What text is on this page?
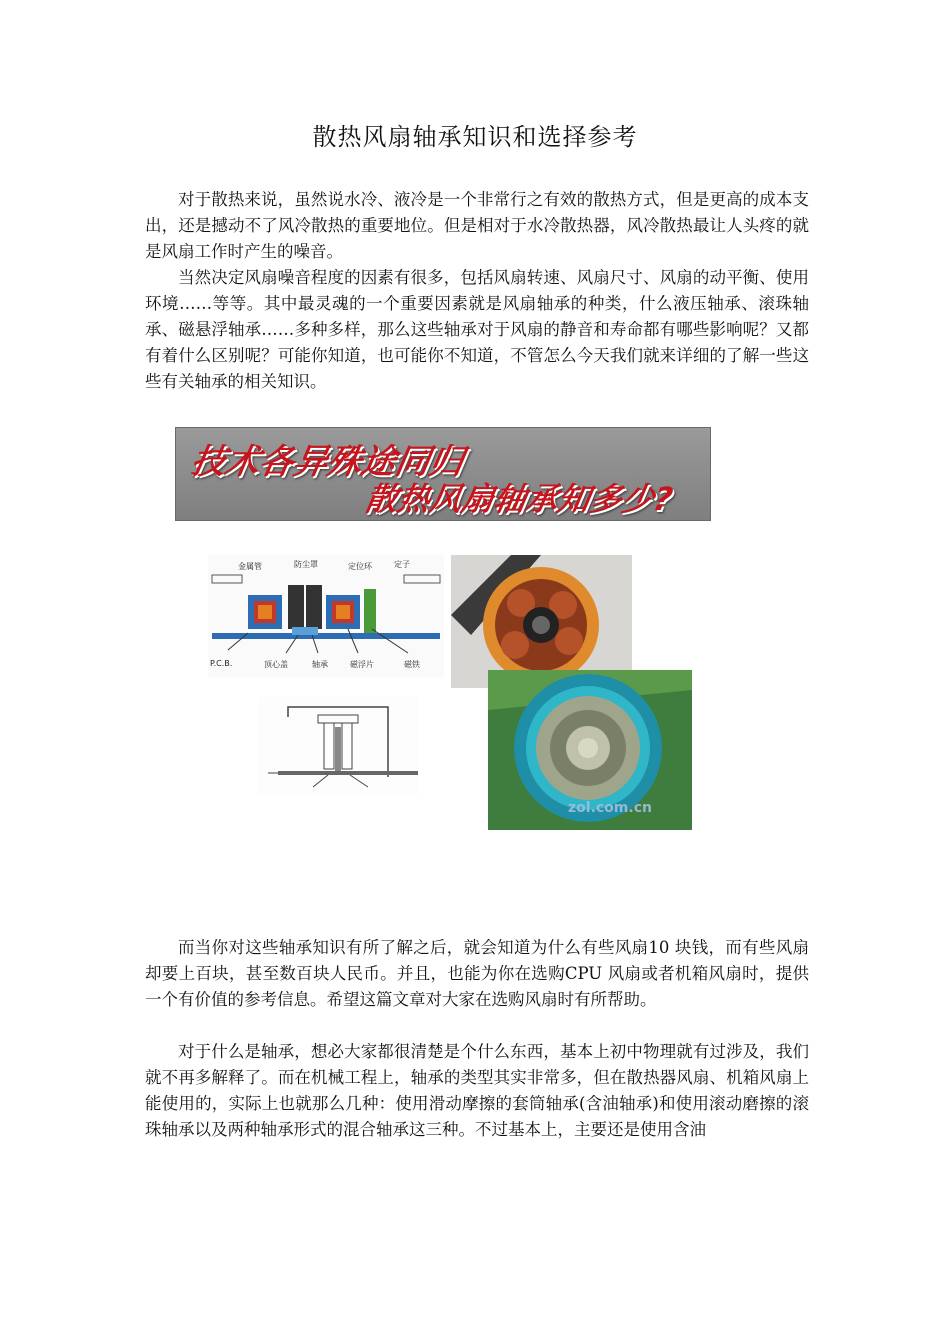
散热风扇轴承知识和选择参考

对于散热来说，虽然说水冷、液冷是一个非常行之有效的散热方式，但是更高的成本支出，还是撼动不了风冷散热的重要地位。但是相对于水冷散热器，风冷散热最让人头疼的就是风扇工作时产生的噪音。

当然决定风扇噪音程度的因素有很多，包括风扇转速、风扇尺寸、风扇的动平衡、使用环境……等等。其中最灵魂的一个重要因素就是风扇轴承的种类，什么液压轴承、滚珠轴承、磁悬浮轴承……多种多样，那么这些轴承对于风扇的静音和寿命都有哪些影响呢？又都有着什么区别呢？可能你知道，也可能你不知道，不管怎么今天我们就来详细的了解一些这些有关轴承的相关知识。

技术各异殊途同归
散热风扇轴承知多少?
金属管	防尘罩	定位环	定子
P.C.B.	顶心盖	轴承	磁浮片	磁铁
zol.com.cn

而当你对这些轴承知识有所了解之后，就会知道为什么有些风扇10 块钱，而有些风扇却要上百块，甚至数百块人民币。并且，也能为你在选购CPU 风扇或者机箱风扇时，提供一个有价值的参考信息。希望这篇文章对大家在选购风扇时有所帮助。

对于什么是轴承，想必大家都很清楚是个什么东西，基本上初中物理就有过涉及，我们就不再多解释了。而在机械工程上，轴承的类型其实非常多，但在散热器风扇、机箱风扇上能使用的，实际上也就那么几种：使用滑动摩擦的套筒轴承(含油轴承)和使用滚动磨擦的滚珠轴承以及两种轴承形式的混合轴承这三种。不过基本上，主要还是使用含油
